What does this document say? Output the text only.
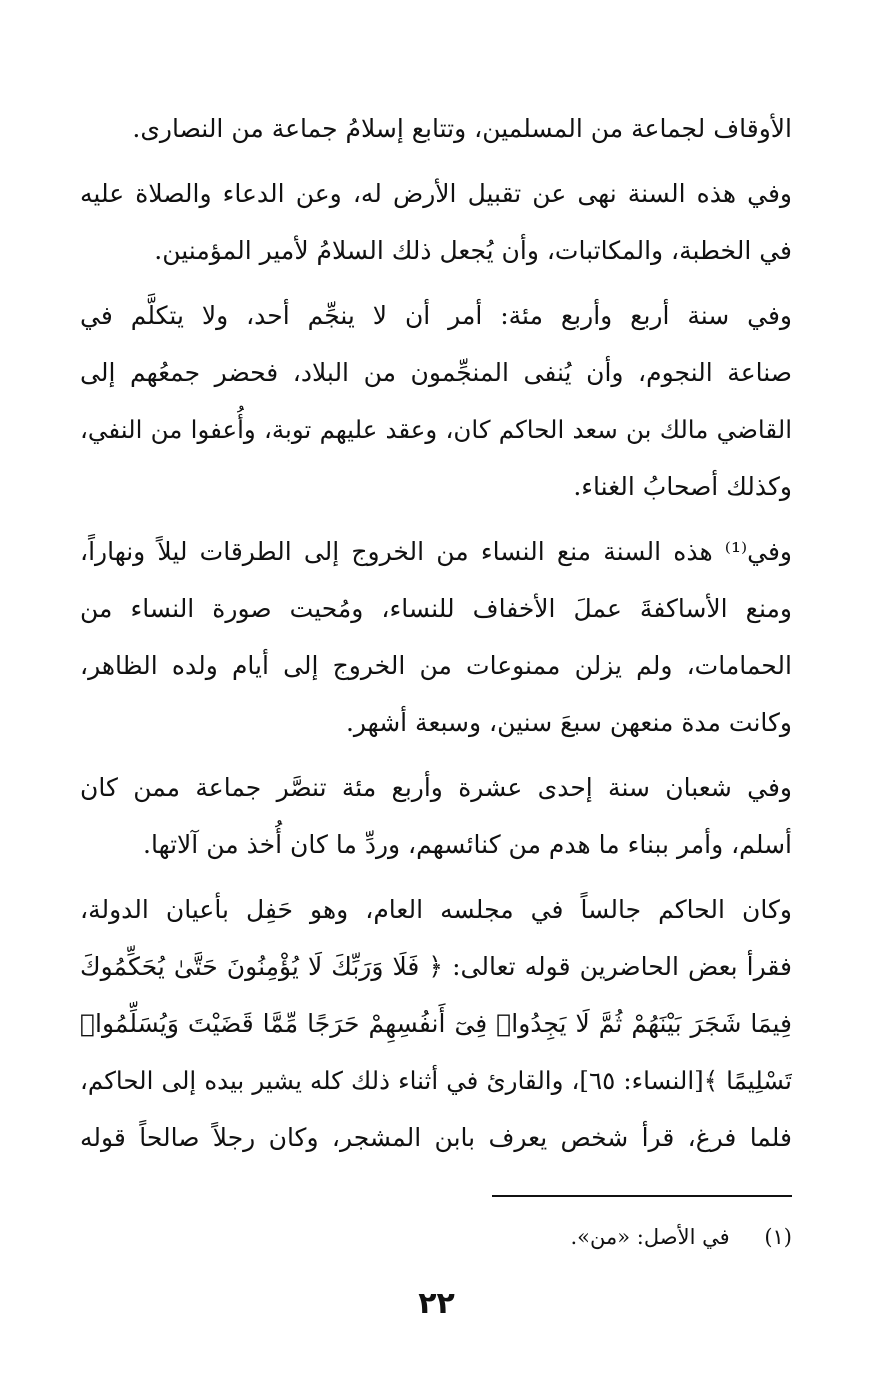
الأوقاف لجماعة من المسلمين، وتتابع إسلامُ جماعة من النصارى.
وفي هذه السنة نهى عن تقبيل الأرض له، وعن الدعاء والصلاة عليه
في الخطبة، والمكاتبات، وأن يُجعل ذلك السلامُ لأمير المؤمنين.
وفي سنة أربع وأربع مئة: أمر أن لا ينجِّم أحد، ولا يتكلَّم في
صناعة النجوم، وأن يُنفى المنجِّمون من البلاد، فحضر جمعُهم إلى
القاضي مالك بن سعد الحاكم كان، وعقد عليهم توبة، وأُعفوا من النفي،
وكذلك أصحابُ الغناء.
وفي⁽¹⁾ هذه السنة منع النساء من الخروج إلى الطرقات ليلاً ونهاراً،
ومنع الأساكفةَ عملَ الأخفاف للنساء، ومُحيت صورة النساء من
الحمامات، ولم يزلن ممنوعات من الخروج إلى أيام ولده الظاهر،
وكانت مدة منعهن سبعَ سنين، وسبعة أشهر.
وفي شعبان سنة إحدى عشرة وأربع مئة تنصَّر جماعة ممن كان
أسلم، وأمر ببناء ما هدم من كنائسهم، وردِّ ما كان أُخذ من آلاتها.
وكان الحاكم جالساً في مجلسه العام، وهو حَفِل بأعيان الدولة،
فقرأ بعض الحاضرين قوله تعالى: ﴿ فَلَا وَرَبِّكَ لَا يُؤْمِنُونَ حَتَّىٰ يُحَكِّمُوكَ
فِيمَا شَجَرَ بَيْنَهُمْ ثُمَّ لَا يَجِدُوا۟ فِىٓ أَنفُسِهِمْ حَرَجًا مِّمَّا قَضَيْتَ وَيُسَلِّمُوا۟
تَسْلِيمًا ﴾[النساء: ٦٥]، والقارئ في أثناء ذلك كله يشير بيده إلى الحاكم،
فلما فرغ، قرأ شخص يعرف بابن المشجر، وكان رجلاً صالحاً قوله
(١) في الأصل: «من».
٢٢
